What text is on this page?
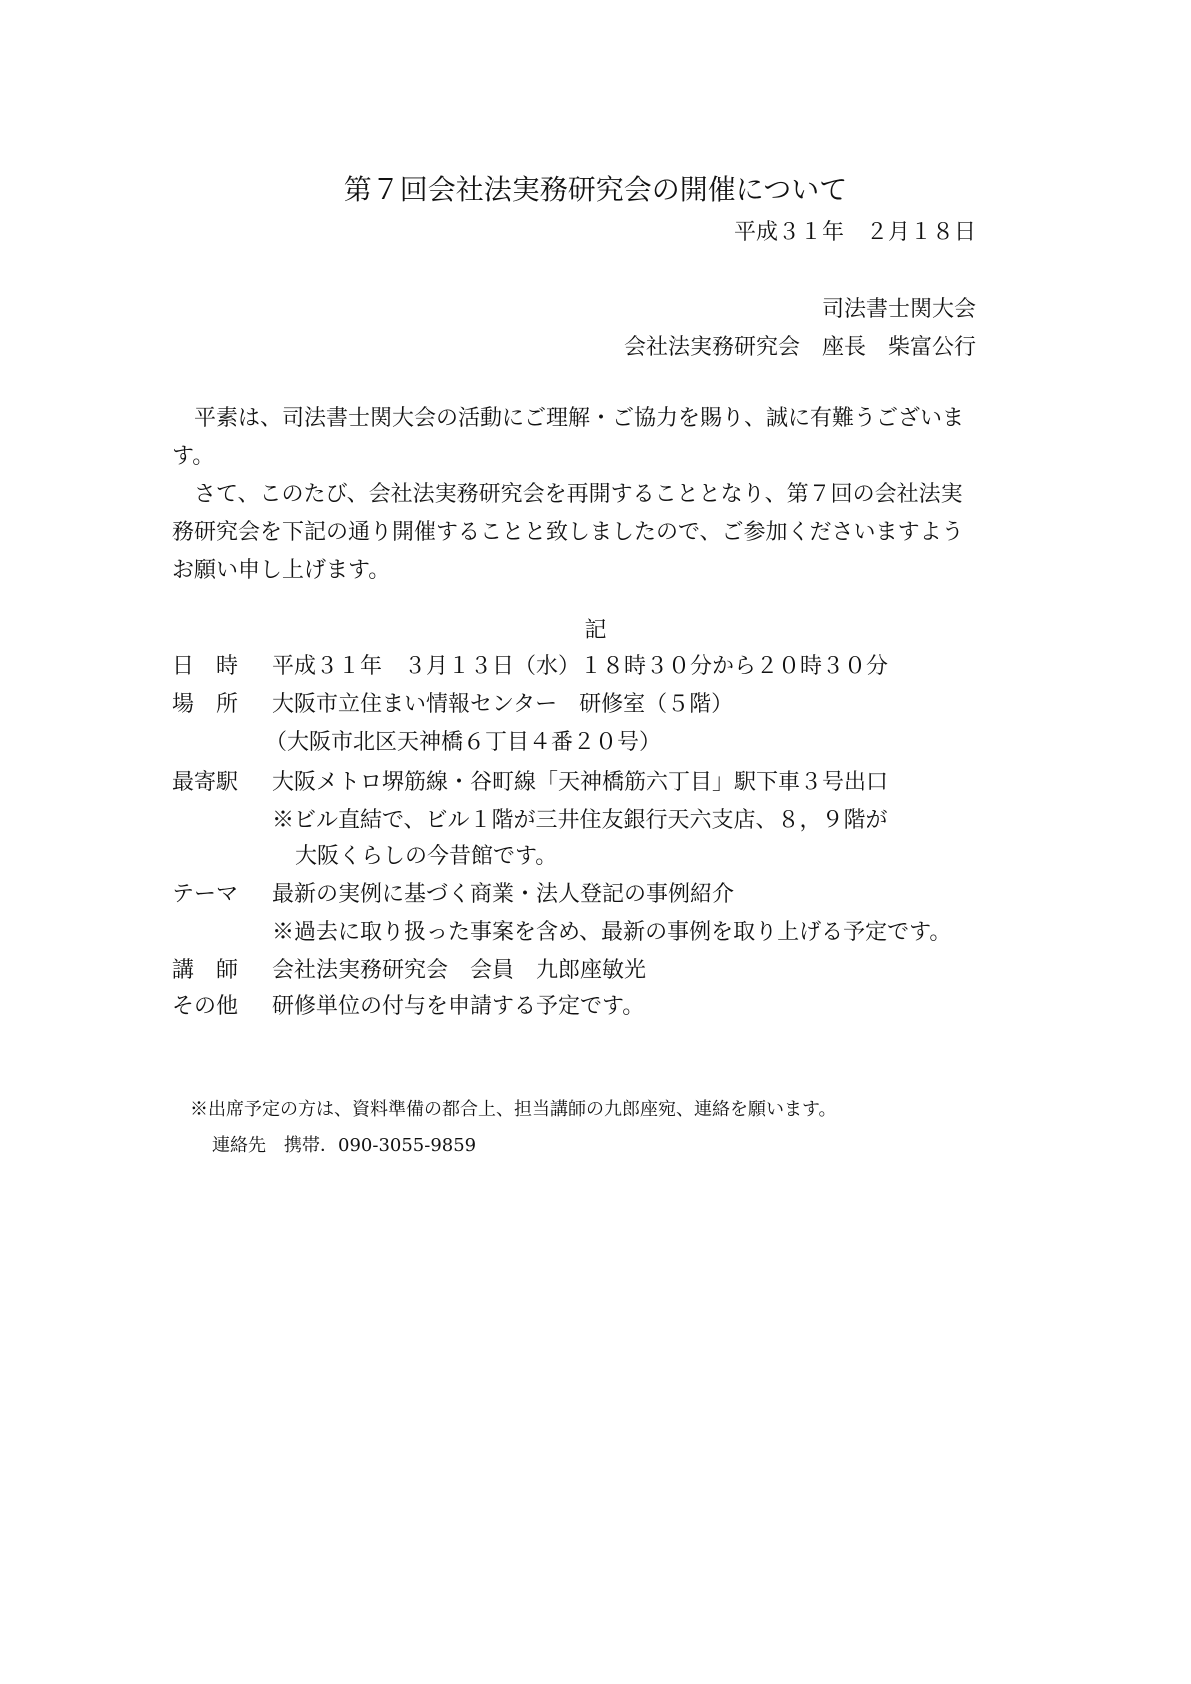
第７回会社法実務研究会の開催について
平成３１年　２月１８日
司法書士関大会
会社法実務研究会　座長　柴富公行
　平素は、司法書士関大会の活動にご理解・ご協力を賜り、誠に有難うございます。
　さて、このたび、会社法実務研究会を再開することとなり、第７回の会社法実務研究会を下記の通り開催することと致しましたので、ご参加くださいますようお願い申し上げます。
記
日　時 平成３１年　３月１３日（水）１８時３０分から２０時３０分
場　所 大阪市立住まい情報センター　研修室（５階）
（大阪市北区天神橋６丁目４番２０号）
最寄駅 大阪メトロ堺筋線・谷町線「天神橋筋六丁目」駅下車３号出口
※ビル直結で、ビル１階が三井住友銀行天六支店、８，９階が
大阪くらしの今昔館です。
テーマ 最新の実例に基づく商業・法人登記の事例紹介
※過去に取り扱った事案を含め、最新の事例を取り上げる予定です。
講　師 会社法実務研究会　会員　九郎座敏光
その他 研修単位の付与を申請する予定です。
※出席予定の方は、資料準備の都合上、担当講師の九郎座宛、連絡を願います。
連絡先　携帯．090-3055-9859
